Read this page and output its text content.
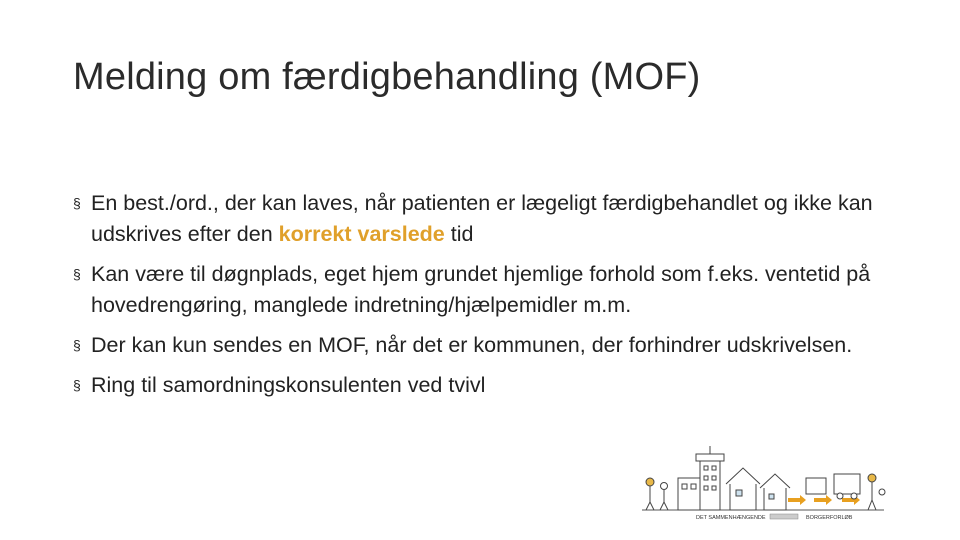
Melding om færdigbehandling (MOF)
§ En best./ord., der kan laves, når patienten er lægeligt færdigbehandlet og ikke kan udskrives efter den korrekt varslede tid
§ Kan være til døgnplads, eget hjem grundet hjemlige forhold som f.eks. ventetid på hovedrengøring, manglede indretning/hjælpemidler m.m.
§ Der kan kun sendes en MOF, når det er kommunen, der forhindrer udskrivelsen.
§ Ring til samordningskonsulenten ved tvivl
DET SAMMENHÆNGENDE	BORGERFORLØB
